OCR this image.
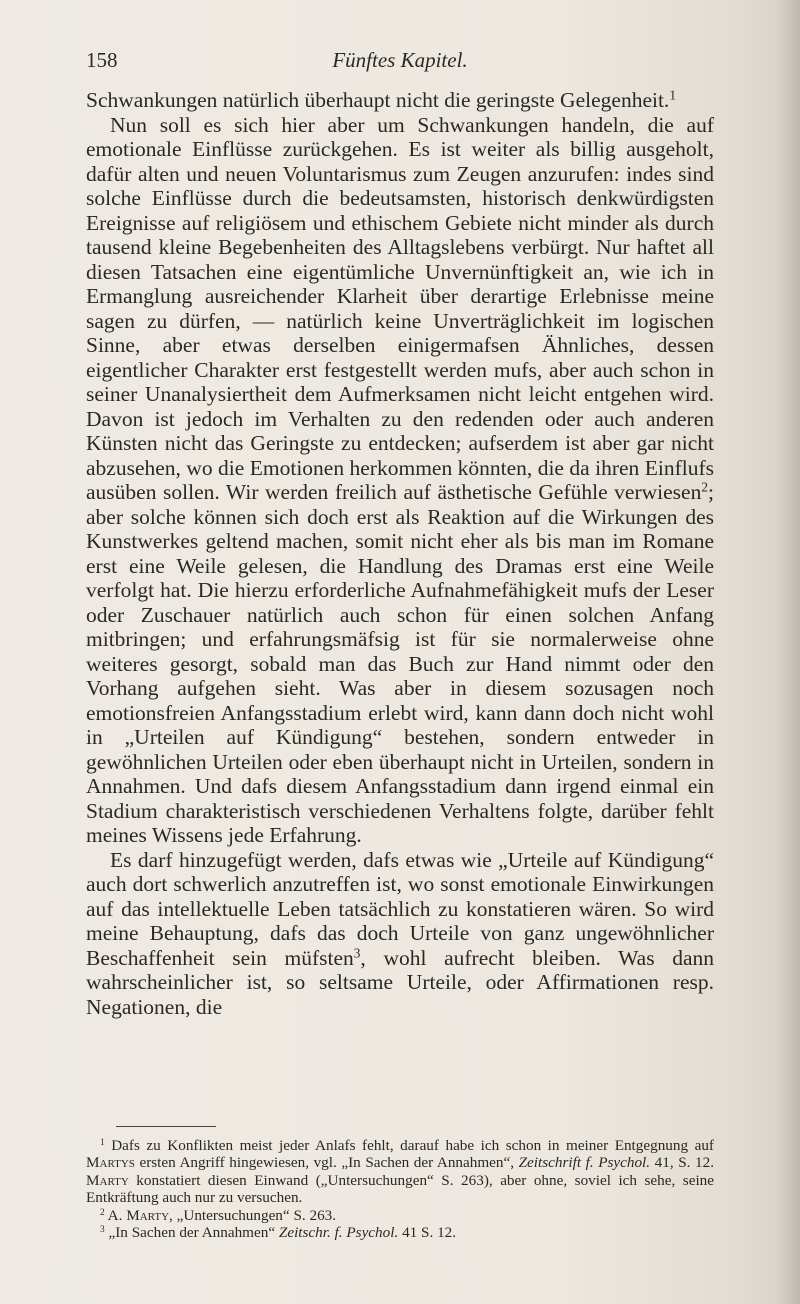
158	Fünftes Kapitel.

Schwankungen natürlich überhaupt nicht die geringste Gelegenheit.$^1$

Nun soll es sich hier aber um Schwankungen handeln, die auf emotionale Einflüsse zurückgehen. Es ist weiter als billig ausgeholt, dafür alten und neuen Voluntarismus zum Zeugen anzurufen: indes sind solche Einflüsse durch die bedeutsamsten, historisch denkwürdigsten Ereignisse auf religiösem und ethischem Gebiete nicht minder als durch tausend kleine Begebenheiten des Alltagslebens verbürgt. Nur haftet all diesen Tatsachen eine eigentümliche Unvernünftigkeit an, wie ich in Ermanglung ausreichender Klarheit über derartige Erlebnisse meine sagen zu dürfen, — natürlich keine Unverträglichkeit im logischen Sinne, aber etwas derselben einigermafsen Ähnliches, dessen eigentlicher Charakter erst festgestellt werden mufs, aber auch schon in seiner Unanalysiertheit dem Aufmerksamen nicht leicht entgehen wird. Davon ist jedoch im Verhalten zu den redenden oder auch anderen Künsten nicht das Geringste zu entdecken; aufserdem ist aber gar nicht abzusehen, wo die Emotionen herkommen könnten, die da ihren Einflufs ausüben sollen. Wir werden freilich auf ästhetische Gefühle verwiesen$^2$; aber solche können sich doch erst als Reaktion auf die Wirkungen des Kunstwerkes geltend machen, somit nicht eher als bis man im Romane erst eine Weile gelesen, die Handlung des Dramas erst eine Weile verfolgt hat. Die hierzu erforderliche Aufnahmefähigkeit mufs der Leser oder Zuschauer natürlich auch schon für einen solchen Anfang mitbringen; und erfahrungsmäfsig ist für sie normalerweise ohne weiteres gesorgt, sobald man das Buch zur Hand nimmt oder den Vorhang aufgehen sieht. Was aber in diesem sozusagen noch emotionsfreien Anfangsstadium erlebt wird, kann dann doch nicht wohl in „Urteilen auf Kündigung“ bestehen, sondern entweder in gewöhnlichen Urteilen oder eben überhaupt nicht in Urteilen, sondern in Annahmen. Und dafs diesem Anfangsstadium dann irgend einmal ein Stadium charakteristisch verschiedenen Verhaltens folgte, darüber fehlt meines Wissens jede Erfahrung.

Es darf hinzugefügt werden, dafs etwas wie „Urteile auf Kündigung“ auch dort schwerlich anzutreffen ist, wo sonst emotionale Einwirkungen auf das intellektuelle Leben tatsächlich zu konstatieren wären. So wird meine Behauptung, dafs das doch Urteile von ganz ungewöhnlicher Beschaffenheit sein müfsten$^3$, wohl aufrecht bleiben. Was dann wahrscheinlicher ist, so seltsame Urteile, oder Affirmationen resp. Negationen, die

$^1$ Dafs zu Konflikten meist jeder Anlafs fehlt, darauf habe ich schon in meiner Entgegnung auf Martys ersten Angriff hingewiesen, vgl. „In Sachen der Annahmen“, Zeitschrift f. Psychol. 41, S. 12. Marty konstatiert diesen Einwand („Untersuchungen“ S. 263), aber ohne, soviel ich sehe, seine Entkräftung auch nur zu versuchen.

$^2$ A. Marty, „Untersuchungen“ S. 263.

$^3$ „In Sachen der Annahmen“ Zeitschr. f. Psychol. 41 S. 12.
